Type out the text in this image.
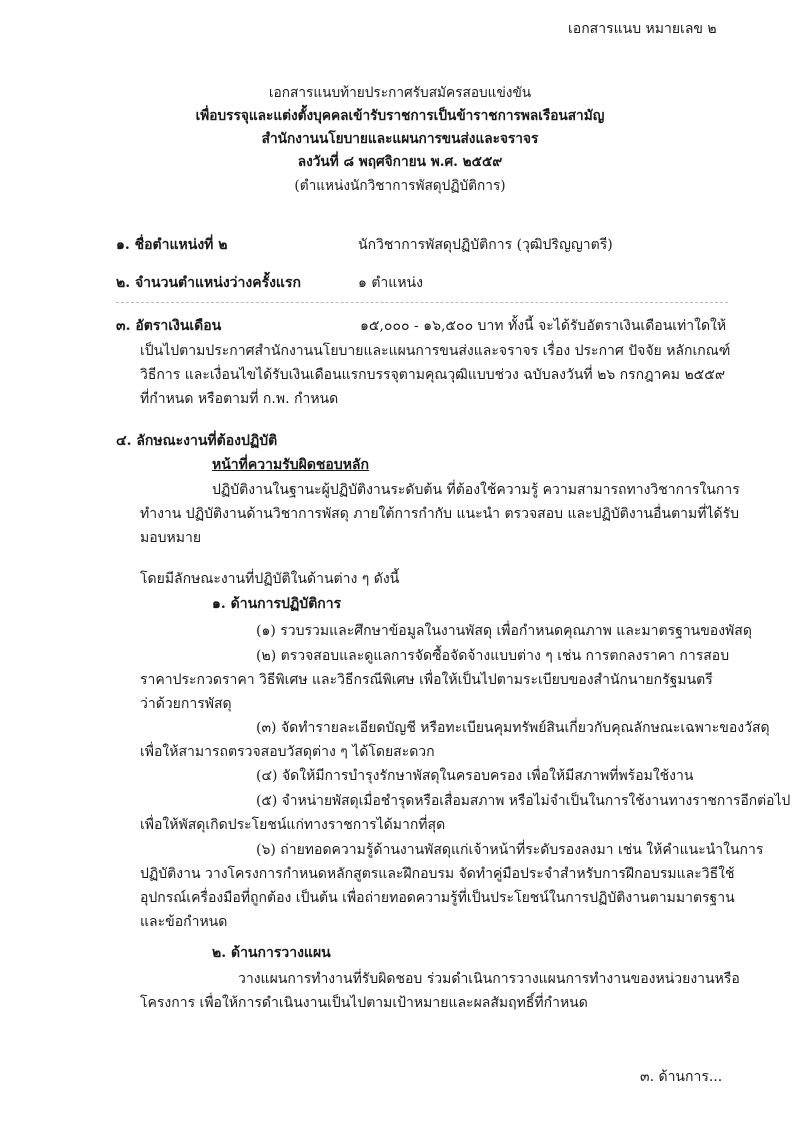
เอกสารแนบ หมายเลข ๒
เอกสารแนบท้ายประกาศรับสมัครสอบแข่งขัน
เพื่อบรรจุและแต่งตั้งบุคคลเข้ารับราชการเป็นข้าราชการพลเรือนสามัญ
สำนักงานนโยบายและแผนการขนส่งและจราจร
ลงวันที่ ๘ พฤศจิกายน พ.ศ. ๒๕๕๙
(ตำแหน่งนักวิชาการพัสดุปฏิบัติการ)
๑. ชื่อตำแหน่งที่ ๒	นักวิชาการพัสดุปฏิบัติการ (วุฒิปริญญาตรี)
๒. จำนวนตำแหน่งว่างครั้งแรก	๑ ตำแหน่ง
๓. อัตราเงินเดือน	๑๕,๐๐๐ - ๑๖,๕๐๐ บาท ทั้งนี้ จะได้รับอัตราเงินเดือนเท่าใดให้
เป็นไปตามประกาศสำนักงานนโยบายและแผนการขนส่งและจราจร เรื่อง ประกาศ ปัจจัย หลักเกณฑ์
วิธีการ และเงื่อนไขได้รับเงินเดือนแรกบรรจุตามคุณวุฒิแบบช่วง ฉบับลงวันที่ ๒๖ กรกฎาคม ๒๕๕๙
ที่กำหนด หรือตามที่ ก.พ. กำหนด
๔. ลักษณะงานที่ต้องปฏิบัติ
หน้าที่ความรับผิดชอบหลัก
ปฏิบัติงานในฐานะผู้ปฏิบัติงานระดับต้น ที่ต้องใช้ความรู้ ความสามารถทางวิชาการในการ
ทำงาน ปฏิบัติงานด้านวิชาการพัสดุ ภายใต้การกำกับ แนะนำ ตรวจสอบ และปฏิบัติงานอื่นตามที่ได้รับ
มอบหมาย
โดยมีลักษณะงานที่ปฏิบัติในด้านต่าง ๆ ดังนี้
๑. ด้านการปฏิบัติการ
(๑) รวบรวมและศึกษาข้อมูลในงานพัสดุ เพื่อกำหนดคุณภาพ และมาตรฐานของพัสดุ
(๒) ตรวจสอบและดูแลการจัดซื้อจัดจ้างแบบต่าง ๆ เช่น การตกลงราคา การสอบ
ราคาประกวดราคา วิธีพิเศษ และวิธีกรณีพิเศษ เพื่อให้เป็นไปตามระเบียบของสำนักนายกรัฐมนตรี
ว่าด้วยการพัสดุ
(๓) จัดทำรายละเอียดบัญชี หรือทะเบียนคุมทรัพย์สินเกี่ยวกับคุณลักษณะเฉพาะของวัสดุ
เพื่อให้สามารถตรวจสอบวัสดุต่าง ๆ ได้โดยสะดวก
(๔) จัดให้มีการบำรุงรักษาพัสดุในครอบครอง เพื่อให้มีสภาพที่พร้อมใช้งาน
(๕) จำหน่ายพัสดุเมื่อชำรุดหรือเสื่อมสภาพ หรือไม่จำเป็นในการใช้งานทางราชการอีกต่อไป
เพื่อให้พัสดุเกิดประโยชน์แก่ทางราชการได้มากที่สุด
(๖) ถ่ายทอดความรู้ด้านงานพัสดุแก่เจ้าหน้าที่ระดับรองลงมา เช่น ให้คำแนะนำในการ
ปฏิบัติงาน วางโครงการกำหนดหลักสูตรและฝึกอบรม จัดทำคู่มือประจำสำหรับการฝึกอบรมและวิธีใช้
อุปกรณ์เครื่องมือที่ถูกต้อง เป็นต้น เพื่อถ่ายทอดความรู้ที่เป็นประโยชน์ในการปฏิบัติงานตามมาตรฐาน
และข้อกำหนด
๒. ด้านการวางแผน
วางแผนการทำงานที่รับผิดชอบ ร่วมดำเนินการวางแผนการทำงานของหน่วยงานหรือ
โครงการ เพื่อให้การดำเนินงานเป็นไปตามเป้าหมายและผลสัมฤทธิ์ที่กำหนด
๓. ด้านการ...
